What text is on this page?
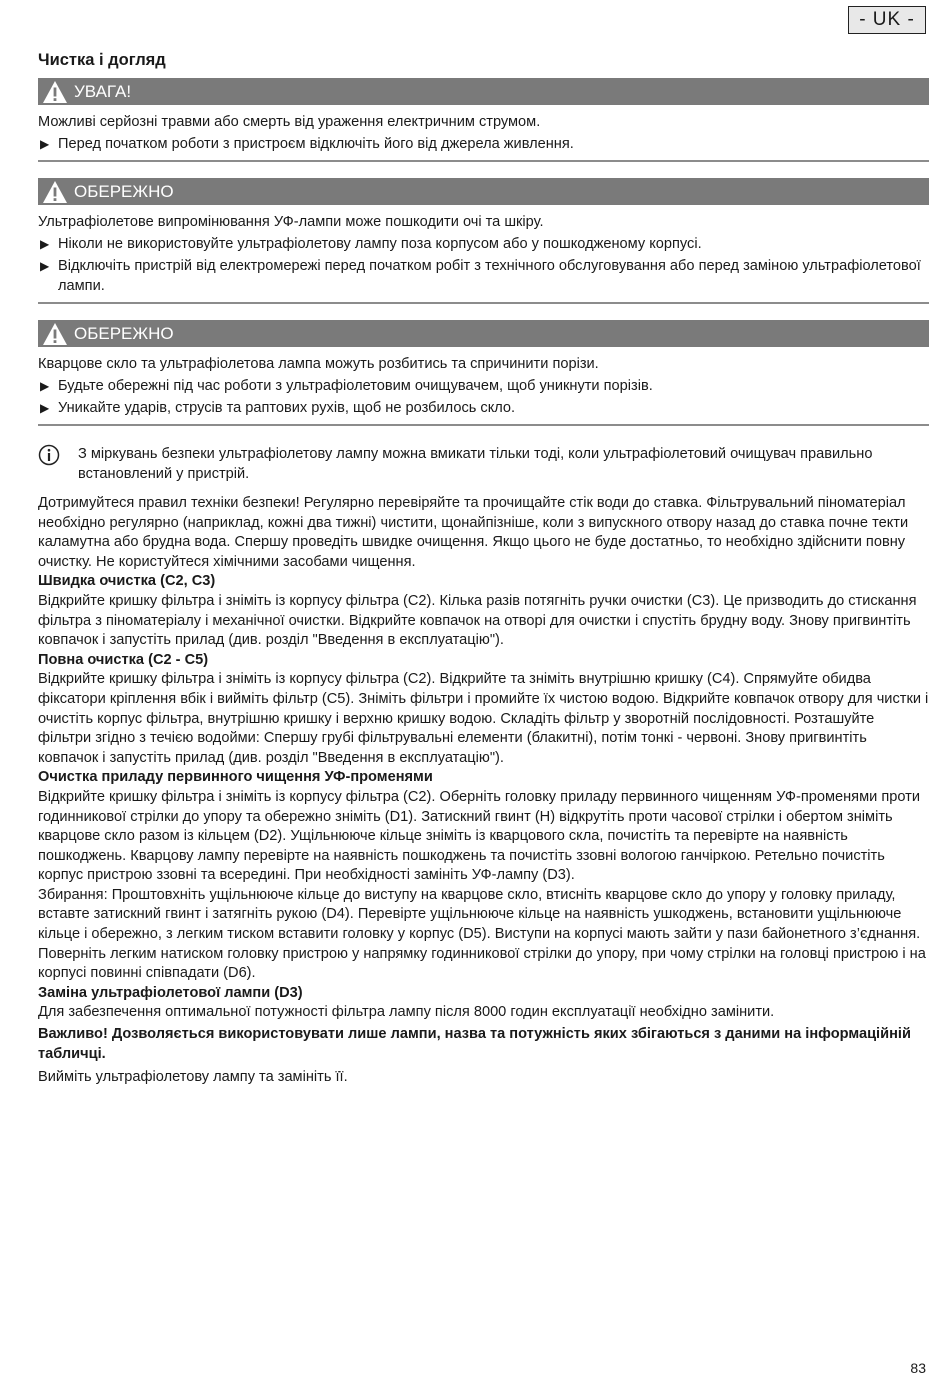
- UK -
Чистка і догляд
УВАГА!
Можливі серйозні травми або смерть від ураження електричним струмом.
▶ Перед початком роботи з пристроєм відключіть його від джерела живлення.
ОБЕРЕЖНО
Ультрафіолетове випромінювання УФ-лампи може пошкодити очі та шкіру.
▶ Ніколи не використовуйте ультрафіолетову лампу поза корпусом або у пошкодженому корпусі.
▶ Відключіть пристрій від електромережі перед початком робіт з технічного обслуговування або перед заміною ультрафіолетової лампи.
ОБЕРЕЖНО
Кварцове скло та ультрафіолетова лампа можуть розбитись та спричинити порізи.
▶ Будьте обережні під час роботи з ультрафіолетовим очищувачем, щоб уникнути порізів.
▶ Уникайте ударів, струсів та раптових рухів, щоб не розбилось скло.
З міркувань безпеки ультрафіолетову лампу можна вмикати тільки тоді, коли ультрафіолетовий очищувач правильно встановлений у пристрій.

Дотримуйтеся правил техніки безпеки! Регулярно перевіряйте та прочищайте стік води до ставка. Фільтрувальний піноматеріал необхідно регулярно (наприклад, кожні два тижні) чистити, щонайпізніше, коли з випускного отвору назад до ставка почне текти каламутна або брудна вода. Спершу проведіть швидке очищення. Якщо цього не буде достатньо, то необхідно здійснити повну очистку. Не користуйтеся хімічними засобами чищення.

Швидка очистка (C2, C3)

Відкрийте кришку фільтра і зніміть із корпусу фільтра (C2). Кілька разів потягніть ручки очистки (C3). Це призводить до стискання фільтра з піноматеріалу і механічної очистки. Відкрийте ковпачок на отворі для очистки і спустіть брудну воду. Знову пригвинтіть ковпачок і запустіть прилад (див. розділ "Введення в експлуатацію").

Повна очистка (C2 - C5)

Відкрийте кришку фільтра і зніміть із корпусу фільтра (C2). Відкрийте та зніміть внутрішню кришку (C4). Спрямуйте обидва фіксатори кріплення вбік і вийміть фільтр (C5). Зніміть фільтри і промийте їх чистою водою. Відкрийте ковпачок отвору для чистки і очистіть корпус фільтра, внутрішню кришку і верхню кришку водою. Складіть фільтр у зворотній послідовності. Розташуйте фільтри згідно з течією водойми: Спершу грубі фільтрувальні елементи (блакитні), потім тонкі - червоні. Знову пригвинтіть ковпачок і запустіть прилад (див. розділ "Введення в експлуатацію").

Очистка приладу первинного чищення УФ-променями

Відкрийте кришку фільтра і зніміть із корпусу фільтра (C2). Оберніть головку приладу первинного чищенням УФ-променями проти годинникової стрілки до упору та обережно зніміть (D1). Затискний гвинт (H) відкрутіть проти часової стрілки і обертом зніміть кварцове скло разом із кільцем (D2). Ущільнююче кільце зніміть із кварцового скла, почистіть та перевірте на наявність пошкоджень. Кварцову лампу перевірте на наявність пошкоджень та почистіть ззовні вологою ганчіркою. Ретельно почистіть корпус пристрою ззовні та всередині. При необхідності замініть УФ-лампу (D3).

Збирання: Проштовхніть ущільнююче кільце до виступу на кварцове скло, втисніть кварцове скло до упору у головку приладу, вставте затискний гвинт і затягніть рукою (D4). Перевірте ущільнююче кільце на наявність ушкоджень, встановити ущільнююче кільце і обережно, з легким тиском вставити головку у корпус (D5). Виступи на корпусі мають зайти у пази байонетного з’єднання. Поверніть легким натиском головку пристрою у напрямку годинникової стрілки до упору, при чому стрілки на головці пристрою і на корпусі повинні співпадати (D6).

Заміна ультрафіолетової лампи (D3)

Для забезпечення оптимальної потужності фільтра лампу після 8000 годин експлуатації необхідно замінити.

Важливо! Дозволяється використовувати лише лампи, назва та потужність яких збігаються з даними на інформаційній табличці.

Вийміть ультрафіолетову лампу та замініть її.

83
